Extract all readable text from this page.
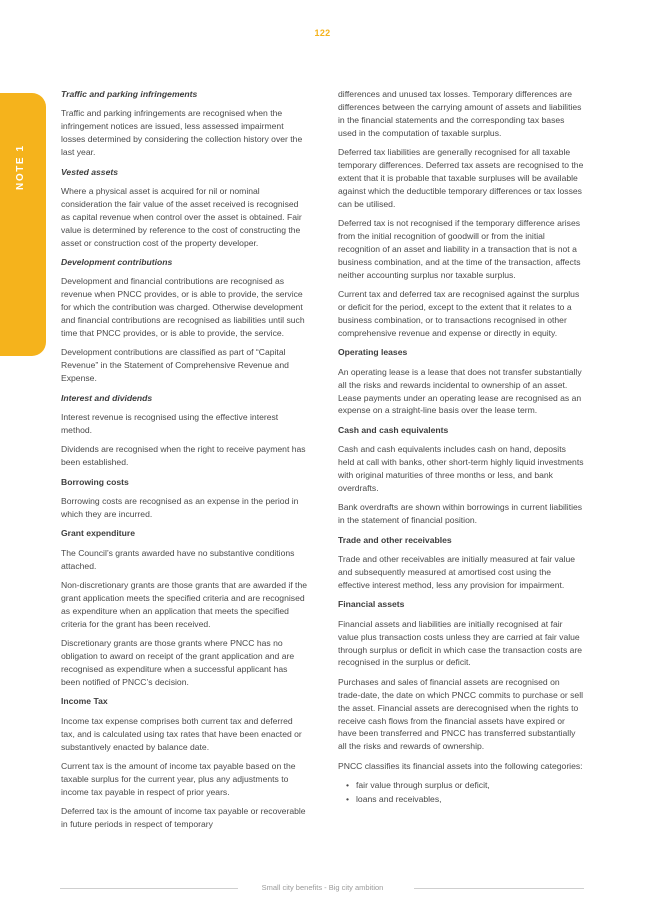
122
NOTE 1

Traffic and parking infringements

Traffic and parking infringements are recognised when the infringement notices are issued, less assessed impairment losses determined by considering the collection history over the last year.

Vested assets

Where a physical asset is acquired for nil or nominal consideration the fair value of the asset received is recognised as capital revenue when control over the asset is obtained. Fair value is determined by reference to the cost of constructing the asset or construction cost of the property developer.

Development contributions

Development and financial contributions are recognised as revenue when PNCC provides, or is able to provide, the service for which the contribution was charged. Otherwise development and financial contributions are recognised as liabilities until such time that PNCC provides, or is able to provide, the service.

Development contributions are classified as part of “Capital Revenue” in the Statement of Comprehensive Revenue and Expense.

Interest and dividends

Interest revenue is recognised using the effective interest method.

Dividends are recognised when the right to receive payment has been established.

Borrowing costs

Borrowing costs are recognised as an expense in the period in which they are incurred.

Grant expenditure

The Council’s grants awarded have no substantive conditions attached.

Non-discretionary grants are those grants that are awarded if the grant application meets the specified criteria and are recognised as expenditure when an application that meets the specified criteria for the grant has been received.

Discretionary grants are those grants where PNCC has no obligation to award on receipt of the grant application and are recognised as expenditure when a successful applicant has been notified of PNCC’s decision.

Income Tax

Income tax expense comprises both current tax and deferred tax, and is calculated using tax rates that have been enacted or substantively enacted by balance date.

Current tax is the amount of income tax payable based on the taxable surplus for the current year, plus any adjustments to income tax payable in respect of prior years.

Deferred tax is the amount of income tax payable or recoverable in future periods in respect of temporary

differences and unused tax losses. Temporary differences are differences between the carrying amount of assets and liabilities in the financial statements and the corresponding tax bases used in the computation of taxable surplus.

Deferred tax liabilities are generally recognised for all taxable temporary differences. Deferred tax assets are recognised to the extent that it is probable that taxable surpluses will be available against which the deductible temporary differences or tax losses can be utilised.

Deferred tax is not recognised if the temporary difference arises from the initial recognition of goodwill or from the initial recognition of an asset and liability in a transaction that is not a business combination, and at the time of the transaction, affects neither accounting surplus nor taxable surplus.

Current tax and deferred tax are recognised against the surplus or deficit for the period, except to the extent that it relates to a business combination, or to transactions recognised in other comprehensive revenue and expense or directly in equity.

Operating leases

An operating lease is a lease that does not transfer substantially all the risks and rewards incidental to ownership of an asset. Lease payments under an operating lease are recognised as an expense on a straight-line basis over the lease term.

Cash and cash equivalents

Cash and cash equivalents includes cash on hand, deposits held at call with banks, other short-term highly liquid investments with original maturities of three months or less, and bank overdrafts.

Bank overdrafts are shown within borrowings in current liabilities in the statement of financial position.

Trade and other receivables

Trade and other receivables are initially measured at fair value and subsequently measured at amortised cost using the effective interest method, less any provision for impairment.

Financial assets

Financial assets and liabilities are initially recognised at fair value plus transaction costs unless they are carried at fair value through surplus or deficit in which case the transaction costs are recognised in the surplus or deficit.

Purchases and sales of financial assets are recognised on trade-date, the date on which PNCC commits to purchase or sell the asset. Financial assets are derecognised when the rights to receive cash flows from the financial assets have expired or have been transferred and PNCC has transferred substantially all the risks and rewards of ownership.

PNCC classifies its financial assets into the following categories:

• fair value through surplus or deficit,
• loans and receivables,
Small city benefits - Big city ambition
